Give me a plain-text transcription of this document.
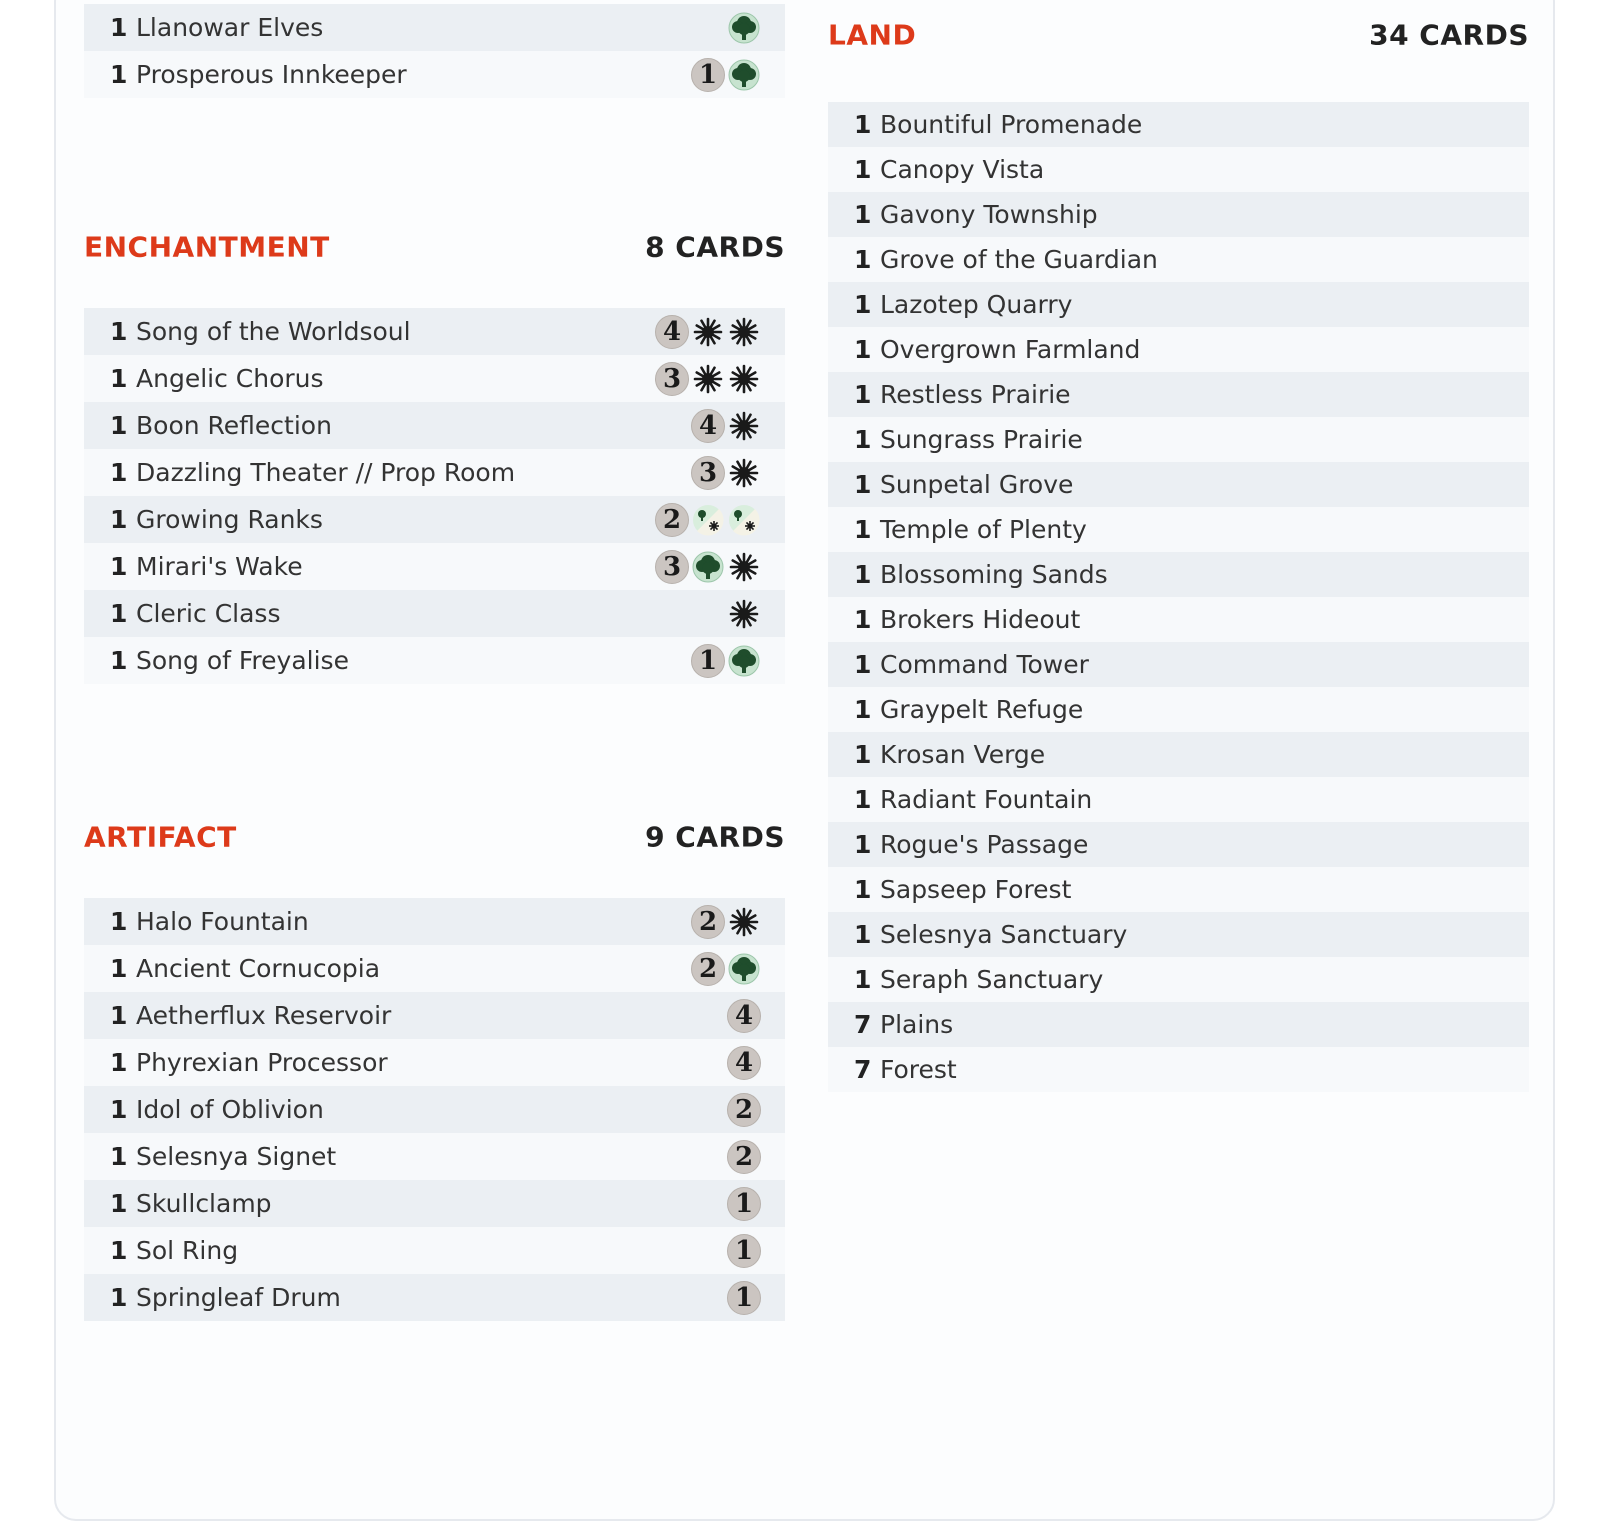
1 Llanowar Elves
1 Prosperous Innkeeper	1
ENCHANTMENT	8 CARDS
1 Song of the Worldsoul	4
1 Angelic Chorus	3
1 Boon Reflection	4
1 Dazzling Theater // Prop Room	3
1 Growing Ranks	2
1 Mirari's Wake	3
1 Cleric Class
1 Song of Freyalise	1
ARTIFACT	9 CARDS
1 Halo Fountain	2
1 Ancient Cornucopia	2
1 Aetherflux Reservoir	4
1 Phyrexian Processor	4
1 Idol of Oblivion	2
1 Selesnya Signet	2
1 Skullclamp	1
1 Sol Ring	1
1 Springleaf Drum	1
LAND	34 CARDS
1 Bountiful Promenade
1 Canopy Vista
1 Gavony Township
1 Grove of the Guardian
1 Lazotep Quarry
1 Overgrown Farmland
1 Restless Prairie
1 Sungrass Prairie
1 Sunpetal Grove
1 Temple of Plenty
1 Blossoming Sands
1 Brokers Hideout
1 Command Tower
1 Graypelt Refuge
1 Krosan Verge
1 Radiant Fountain
1 Rogue's Passage
1 Sapseep Forest
1 Selesnya Sanctuary
1 Seraph Sanctuary
7 Plains
7 Forest
